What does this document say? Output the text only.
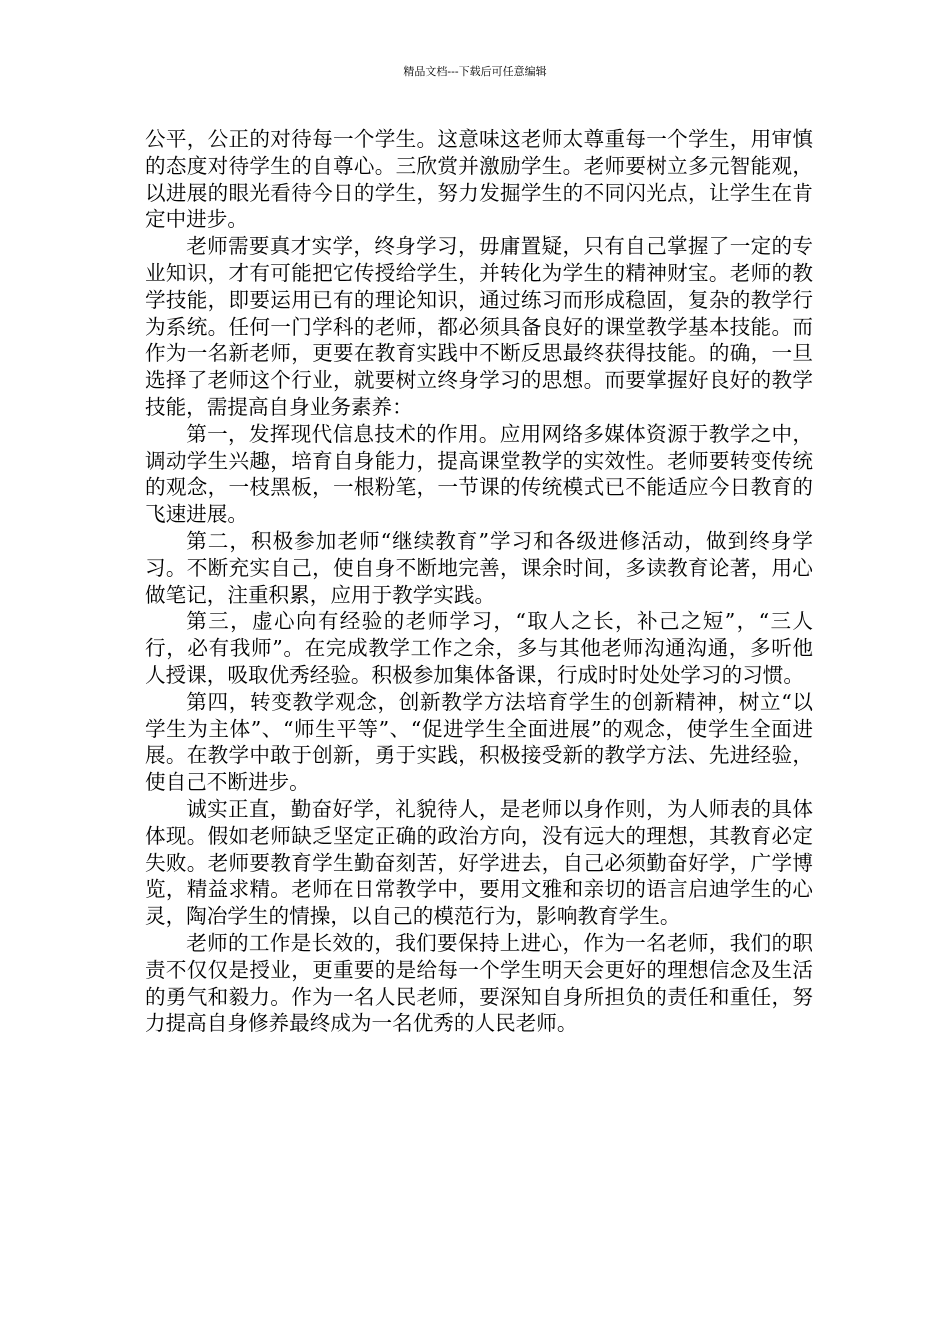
精品文档---下载后可任意编辑

公平，公正的对待每一个学生。这意味这老师太尊重每一个学生，用审慎的态度对待学生的自尊心。三欣赏并激励学生。老师要树立多元智能观，以进展的眼光看待今日的学生，努力发掘学生的不同闪光点，让学生在肯定中进步。

老师需要真才实学，终身学习，毋庸置疑，只有自己掌握了一定的专业知识，才有可能把它传授给学生，并转化为学生的精神财宝。老师的教学技能，即要运用已有的理论知识，通过练习而形成稳固，复杂的教学行为系统。任何一门学科的老师，都必须具备良好的课堂教学基本技能。而作为一名新老师，更要在教育实践中不断反思最终获得技能。的确，一旦选择了老师这个行业，就要树立终身学习的思想。而要掌握好良好的教学技能，需提高自身业务素养：

第一，发挥现代信息技术的作用。应用网络多媒体资源于教学之中，调动学生兴趣，培育自身能力，提高课堂教学的实效性。老师要转变传统的观念，一枝黑板，一根粉笔，一节课的传统模式已不能适应今日教育的飞速进展。

第二，积极参加老师“继续教育”学习和各级进修活动，做到终身学习。不断充实自己，使自身不断地完善，课余时间，多读教育论著，用心做笔记，注重积累，应用于教学实践。

第三，虚心向有经验的老师学习，“取人之长，补己之短”，“三人行，必有我师”。在完成教学工作之余，多与其他老师沟通沟通，多听他人授课，吸取优秀经验。积极参加集体备课，行成时时处处学习的习惯。

第四，转变教学观念，创新教学方法培育学生的创新精神，树立“以学生为主体”、“师生平等”、“促进学生全面进展”的观念，使学生全面进展。在教学中敢于创新，勇于实践，积极接受新的教学方法、先进经验，使自己不断进步。

诚实正直，勤奋好学，礼貌待人，是老师以身作则，为人师表的具体体现。假如老师缺乏坚定正确的政治方向，没有远大的理想，其教育必定失败。老师要教育学生勤奋刻苦，好学进去，自己必须勤奋好学，广学博览，精益求精。老师在日常教学中，要用文雅和亲切的语言启迪学生的心灵，陶冶学生的情操，以自己的模范行为，影响教育学生。

老师的工作是长效的，我们要保持上进心，作为一名老师，我们的职责不仅仅是授业，更重要的是给每一个学生明天会更好的理想信念及生活的勇气和毅力。作为一名人民老师，要深知自身所担负的责任和重任，努力提高自身修养最终成为一名优秀的人民老师。
